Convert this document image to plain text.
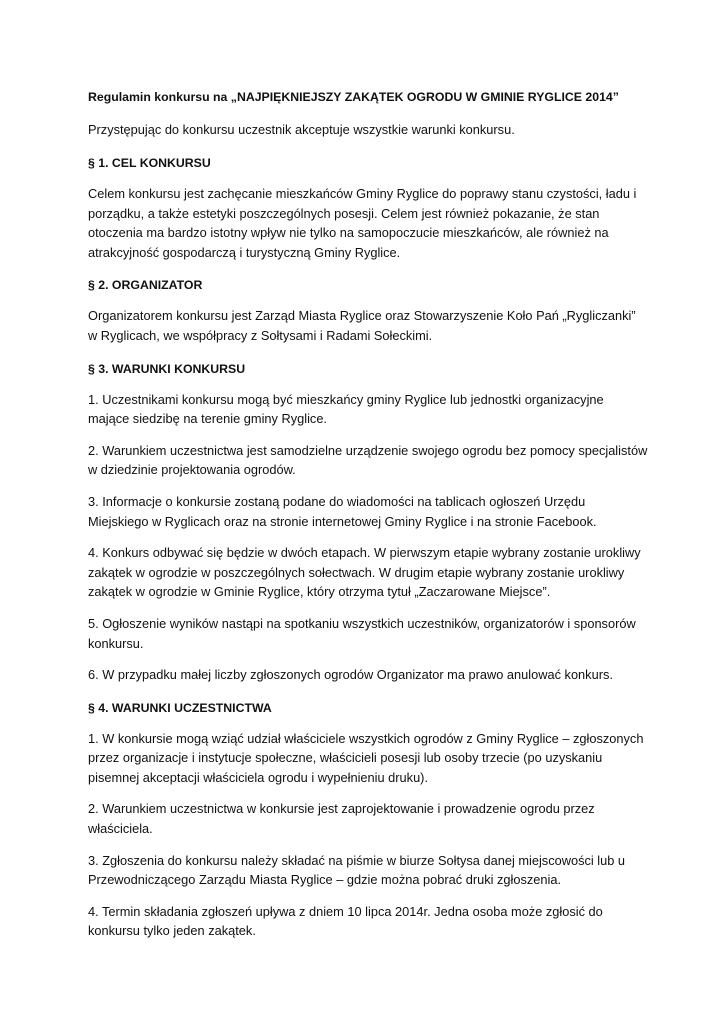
Regulamin konkursu na „NAJPIĘKNIEJSZY ZAKĄTEK OGRODU W GMINIE RYGLICE 2014”

Przystępując do konkursu uczestnik akceptuje wszystkie warunki konkursu.

§ 1. CEL KONKURSU

Celem konkursu jest zachęcanie mieszkańców Gminy Ryglice do poprawy stanu czystości, ładu i porządku, a także estetyki poszczególnych posesji. Celem jest również pokazanie, że stan otoczenia ma bardzo istotny wpływ nie tylko na samopoczucie mieszkańców, ale również na atrakcyjność gospodarczą i turystyczną Gminy Ryglice.

§ 2. ORGANIZATOR

Organizatorem konkursu jest Zarząd Miasta Ryglice oraz Stowarzyszenie Koło Pań „Rygliczanki” w Ryglicach, we współpracy z Sołtysami i Radami Sołeckimi.

§ 3. WARUNKI KONKURSU

1. Uczestnikami konkursu mogą być mieszkańcy gminy Ryglice lub jednostki organizacyjne mające siedzibę na terenie gminy Ryglice.

2. Warunkiem uczestnictwa jest samodzielne urządzenie swojego ogrodu bez pomocy specjalistów w dziedzinie projektowania ogrodów.

3. Informacje o konkursie zostaną podane do wiadomości na tablicach ogłoszeń Urzędu Miejskiego w Ryglicach oraz na stronie internetowej Gminy Ryglice i na stronie Facebook.

4. Konkurs odbywać się będzie w dwóch etapach. W pierwszym etapie wybrany zostanie urokliwy zakątek w ogrodzie w poszczególnych sołectwach. W drugim etapie wybrany zostanie urokliwy zakątek w ogrodzie w Gminie Ryglice, który otrzyma tytuł „Zaczarowane Miejsce”.

5. Ogłoszenie wyników nastąpi na spotkaniu wszystkich uczestników, organizatorów i sponsorów konkursu.

6. W przypadku małej liczby zgłoszonych ogrodów Organizator ma prawo anulować konkurs.

§ 4. WARUNKI UCZESTNICTWA

1. W konkursie mogą wziąć udział właściciele wszystkich ogrodów z Gminy Ryglice – zgłoszonych przez organizacje i instytucje społeczne, właścicieli posesji lub osoby trzecie (po uzyskaniu pisemnej akceptacji właściciela ogrodu i wypełnieniu druku).

2. Warunkiem uczestnictwa w konkursie jest zaprojektowanie i prowadzenie ogrodu przez właściciela.

3. Zgłoszenia do konkursu należy składać na piśmie w biurze Sołtysa danej miejscowości lub u Przewodniczącego Zarządu Miasta Ryglice – gdzie można pobrać druki zgłoszenia.

4. Termin składania zgłoszeń upływa z dniem 10 lipca 2014r. Jedna osoba może zgłosić do konkursu tylko jeden zakątek.
